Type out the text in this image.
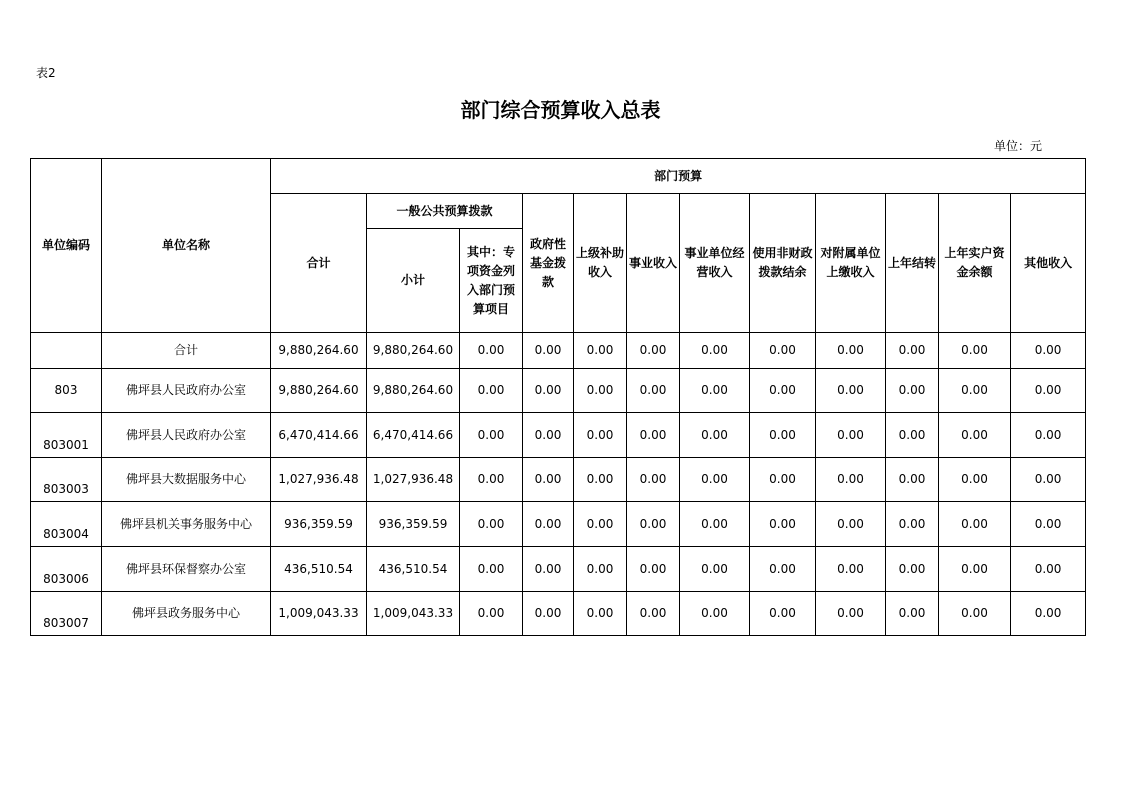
表2
部门综合预算收入总表
单位：元
单位编码	单位名称	部门预算											
		合计	一般公共预算拨款		政府性基金拨款	上级补助收入	事业收入	事业单位经营收入	使用非财政拨款结余	对附属单位上缴收入	上年结转	上年实户资金余额	其他收入
			小计	其中：专项资金列入部门预算项目									

	合计	9,880,264.60	9,880,264.60	0.00	0.00	0.00	0.00	0.00	0.00	0.00	0.00	0.00	0.00
803	佛坪县人民政府办公室	9,880,264.60	9,880,264.60	0.00	0.00	0.00	0.00	0.00	0.00	0.00	0.00	0.00	0.00
803001	佛坪县人民政府办公室	6,470,414.66	6,470,414.66	0.00	0.00	0.00	0.00	0.00	0.00	0.00	0.00	0.00	0.00
803003	佛坪县大数据服务中心	1,027,936.48	1,027,936.48	0.00	0.00	0.00	0.00	0.00	0.00	0.00	0.00	0.00	0.00
803004	佛坪县机关事务服务中心	936,359.59	936,359.59	0.00	0.00	0.00	0.00	0.00	0.00	0.00	0.00	0.00	0.00
803006	佛坪县环保督察办公室	436,510.54	436,510.54	0.00	0.00	0.00	0.00	0.00	0.00	0.00	0.00	0.00	0.00
803007	佛坪县政务服务中心	1,009,043.33	1,009,043.33	0.00	0.00	0.00	0.00	0.00	0.00	0.00	0.00	0.00	0.00
